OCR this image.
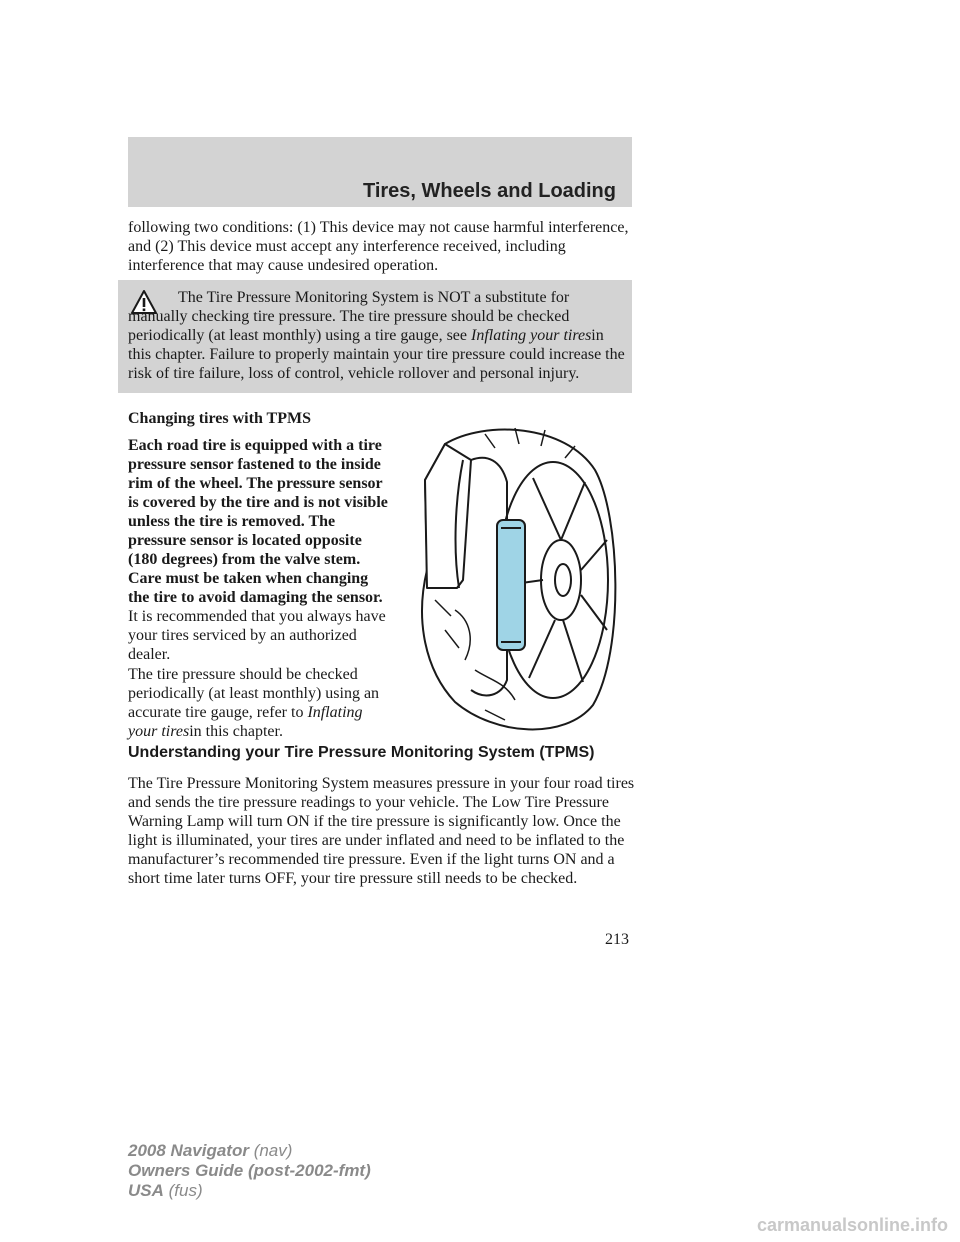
Tires, Wheels and Loading

following two conditions: (1) This device may not cause harmful interference, and (2) This device must accept any interference received, including interference that may cause undesired operation.

The Tire Pressure Monitoring System is NOT a substitute for manually checking tire pressure. The tire pressure should be checked periodically (at least monthly) using a tire gauge, see Inflating your tiresin this chapter. Failure to properly maintain your tire pressure could increase the risk of tire failure, loss of control, vehicle rollover and personal injury.

Changing tires with TPMS

Each road tire is equipped with a tire pressure sensor fastened to the inside rim of the wheel. The pressure sensor is covered by the tire and is not visible unless the tire is removed. The pressure sensor is located opposite (180 degrees) from the valve stem. Care must be taken when changing the tire to avoid damaging the sensor. It is recommended that you always have your tires serviced by an authorized dealer.

The tire pressure should be checked periodically (at least monthly) using an accurate tire gauge, refer to Inflating your tiresin this chapter.

Understanding your Tire Pressure Monitoring System (TPMS)

The Tire Pressure Monitoring System measures pressure in your four road tires and sends the tire pressure readings to your vehicle. The Low Tire Pressure Warning Lamp will turn ON if the tire pressure is significantly low. Once the light is illuminated, your tires are under inflated and need to be inflated to the manufacturer’s recommended tire pressure. Even if the light turns ON and a short time later turns OFF, your tire pressure still needs to be checked.

213
2008 Navigator (nav)
Owners Guide (post-2002-fmt)
USA (fus)
carmanualsonline.info
